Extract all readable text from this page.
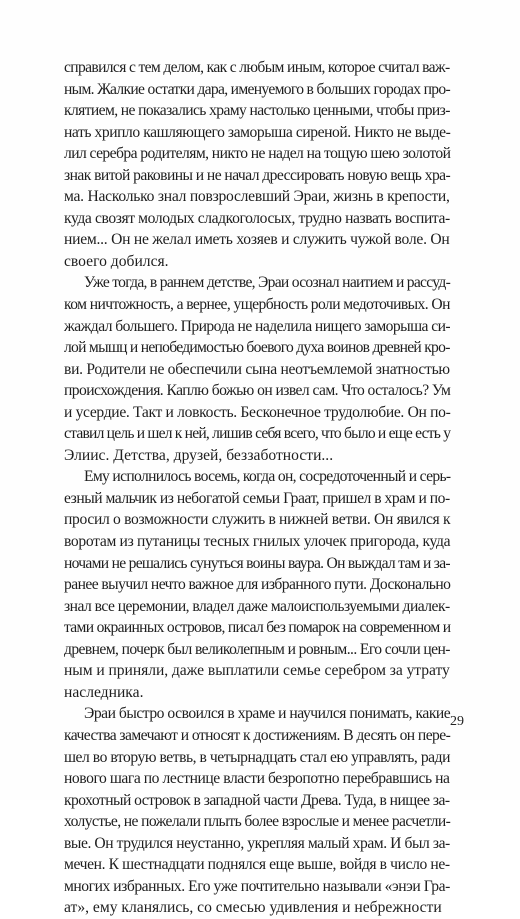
справился с тем делом, как с любым иным, которое считал важ-
ным. Жалкие остатки дара, именуемого в больших городах про-
клятием, не показались храму настолько ценными, чтобы приз-
нать хрипло кашляющего заморыша сиреной. Никто не выде-
лил серебра родителям, никто не надел на тощую шею золотой
знак витой раковины и не начал дрессировать новую вещь хра-
ма. Насколько знал повзрослевший Эраи, жизнь в крепости,
куда свозят молодых сладкоголосых, трудно назвать воспита-
нием... Он не желал иметь хозяев и служить чужой воле. Он
своего добился.
Уже тогда, в раннем детстве, Эраи осознал наитием и рассуд-
ком ничтожность, а вернее, ущербность роли медоточивых. Он
жаждал большего. Природа не наделила нищего заморыша си-
лой мышц и непобедимостью боевого духа воинов древней кро-
ви. Родители не обеспечили сына неотъемлемой знатностью
происхождения. Каплю божью он извел сам. Что осталось? Ум
и усердие. Такт и ловкость. Бесконечное трудолюбие. Он по-
ставил цель и шел к ней, лишив себя всего, что было и еще есть у
Элиис. Детства, друзей, беззаботности...
Ему исполнилось восемь, когда он, сосредоточенный и серь-
езный мальчик из небогатой семьи Граат, пришел в храм и по-
просил о возможности служить в нижней ветви. Он явился к
воротам из путаницы тесных гнилых улочек пригорода, куда
ночами не решались сунуться воины ваура. Он выждал там и за-
ранее выучил нечто важное для избранного пути. Досконально
знал все церемонии, владел даже малоиспользуемыми диалек-
тами окраинных островов, писал без помарок на современном и
древнем, почерк был великолепным и ровным... Его сочли цен-
ным и приняли, даже выплатили семье серебром за утрату
наследника.
Эраи быстро освоился в храме и научился понимать, какие
качества замечают и относят к достижениям. В десять он пере-
шел во вторую ветвь, в четырнадцать стал ею управлять, ради
нового шага по лестнице власти безропотно перебравшись на
крохотный островок в западной части Древа. Туда, в нищее за-
холустье, не пожелали плыть более взрослые и менее расчетли-
вые. Он трудился неустанно, укрепляя малый храм. И был за-
мечен. К шестнадцати поднялся еще выше, войдя в число не-
многих избранных. Его уже почтительно называли «энэи Гра-
ат», ему кланялись, со смесью удивления и небрежности
29
